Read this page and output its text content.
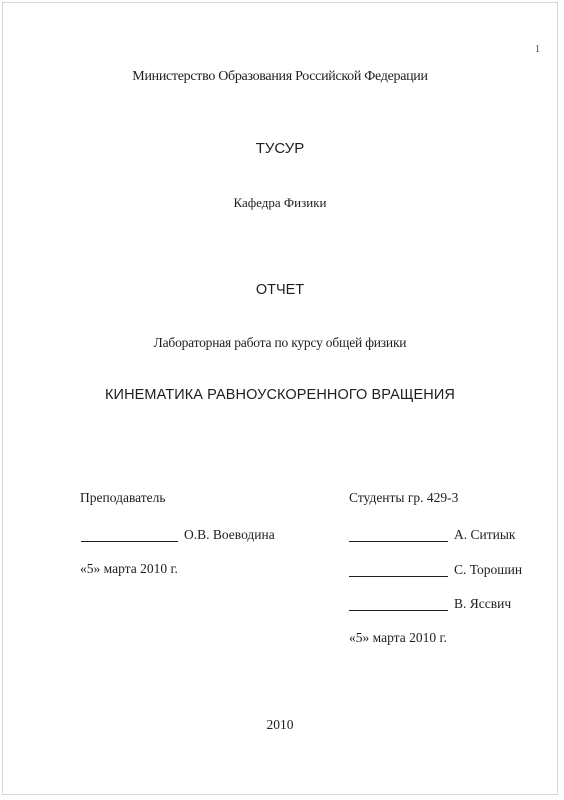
1
Министерство Образования Российской Федерации
ТУСУР
Кафедра Физики
ОТЧЕТ
Лабораторная работа по курсу общей физики
КИНЕМАТИКА РАВНОУСКОРЕННОГО ВРАЩЕНИЯ
Преподаватель
О.В. Воеводина
«5» марта 2010 г.
Студенты гр. 429-3
А. Ситиык
С. Торошин
В. Яссвич
«5» марта 2010 г.
2010
